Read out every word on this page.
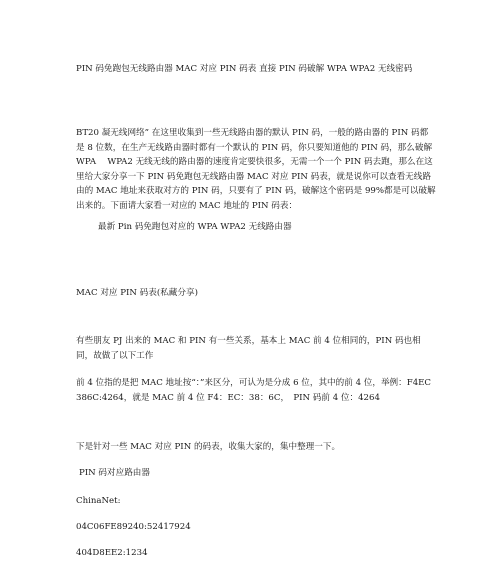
PIN 码免跑包无线路由器 MAC 对应 PIN 码表 直接 PIN 码破解 WPA WPA2 无线密码

BT20 凝无线网络” 在这里收集到一些无线路由器的默认 PIN 码，一般的路由器的 PIN 码都是 8 位数，在生产无线路由器时都有一个默认的 PIN 码，你只要知道他的 PIN 码，那么破解 WPA　 WPA2 无线无线的路由器的速度肯定要快很多，无需一个一个 PIN 码去跑，那么在这里给大家分享一下 PIN 码免跑包无线路由器 MAC 对应 PIN 码表，就是说你可以查看无线路由的 MAC 地址来获取对方的 PIN 码，只要有了 PIN 码，破解这个密码是 99%都是可以破解出来的。下面请大家看一对应的 MAC 地址的 PIN 码表：

最新 Pin 码免跑包对应的 WPA WPA2 无线路由器

MAC 对应 PIN 码表(私藏分享)

有些朋友 PJ 出来的 MAC 和 PIN 有一些关系，基本上 MAC 前 4 位相同的，PIN 码也相同，故做了以下工作

前 4 位指的是把 MAC 地址按“：”来区分，可认为是分成 6 位，其中的前 4 位，举例：F4EC386C:4264，就是 MAC 前 4 位 F4：EC：38：6C，　PIN 码前 4 位：4264

下是针对一些 MAC 对应 PIN 的码表，收集大家的，集中整理一下。

PIN 码对应路由器

ChinaNet:

04C06FE89240:52417924

404D8EE2:1234
